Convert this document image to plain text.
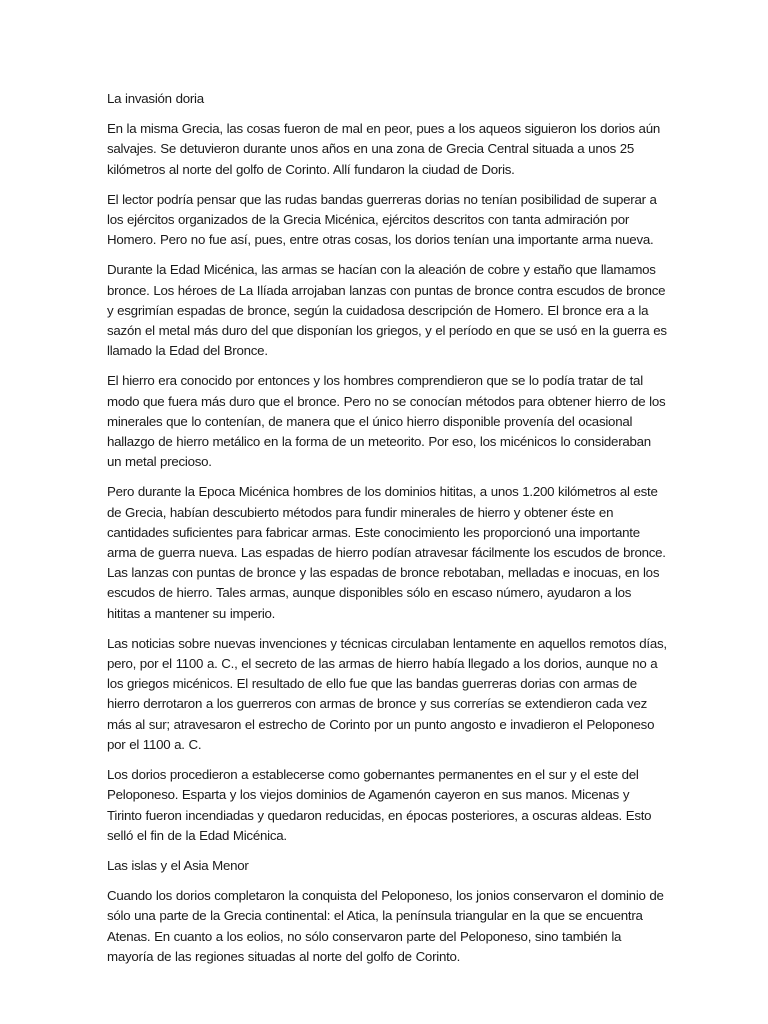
La invasión doria

En la misma Grecia, las cosas fueron de mal en peor, pues a los aqueos siguieron los dorios aún salvajes. Se detuvieron durante unos años en una zona de Grecia Central situada a unos 25 kilómetros al norte del golfo de Corinto. Allí fundaron la ciudad de Doris.

El lector podría pensar que las rudas bandas guerreras dorias no tenían posibilidad de superar a los ejércitos organizados de la Grecia Micénica, ejércitos descritos con tanta admiración por Homero. Pero no fue así, pues, entre otras cosas, los dorios tenían una importante arma nueva.

Durante la Edad Micénica, las armas se hacían con la aleación de cobre y estaño que llamamos bronce. Los héroes de La Ilíada arrojaban lanzas con puntas de bronce contra escudos de bronce y esgrimían espadas de bronce, según la cuidadosa descripción de Homero. El bronce era a la sazón el metal más duro del que disponían los griegos, y el período en que se usó en la guerra es llamado la Edad del Bronce.

El hierro era conocido por entonces y los hombres comprendieron que se lo podía tratar de tal modo que fuera más duro que el bronce. Pero no se conocían métodos para obtener hierro de los minerales que lo contenían, de manera que el único hierro disponible provenía del ocasional hallazgo de hierro metálico en la forma de un meteorito. Por eso, los micénicos lo consideraban un metal precioso.

Pero durante la Epoca Micénica hombres de los dominios hititas, a unos 1.200 kilómetros al este de Grecia, habían descubierto métodos para fundir minerales de hierro y obtener éste en cantidades suficientes para fabricar armas. Este conocimiento les proporcionó una importante arma de guerra nueva. Las espadas de hierro podían atravesar fácilmente los escudos de bronce. Las lanzas con puntas de bronce y las espadas de bronce rebotaban, melladas e inocuas, en los escudos de hierro. Tales armas, aunque disponibles sólo en escaso número, ayudaron a los hititas a mantener su imperio.

Las noticias sobre nuevas invenciones y técnicas circulaban lentamente en aquellos remotos días, pero, por el 1100 a. C., el secreto de las armas de hierro había llegado a los dorios, aunque no a los griegos micénicos. El resultado de ello fue que las bandas guerreras dorias con armas de hierro derrotaron a los guerreros con armas de bronce y sus correrías se extendieron cada vez más al sur; atravesaron el estrecho de Corinto por un punto angosto e invadieron el Peloponeso por el 1100 a. C.

Los dorios procedieron a establecerse como gobernantes permanentes en el sur y el este del Peloponeso. Esparta y los viejos dominios de Agamenón cayeron en sus manos. Micenas y Tirinto fueron incendiadas y quedaron reducidas, en épocas posteriores, a oscuras aldeas. Esto selló el fin de la Edad Micénica.

Las islas y el Asia Menor

Cuando los dorios completaron la conquista del Peloponeso, los jonios conservaron el dominio de sólo una parte de la Grecia continental: el Atica, la península triangular en la que se encuentra Atenas. En cuanto a los eolios, no sólo conservaron parte del Peloponeso, sino también la mayoría de las regiones situadas al norte del golfo de Corinto.
